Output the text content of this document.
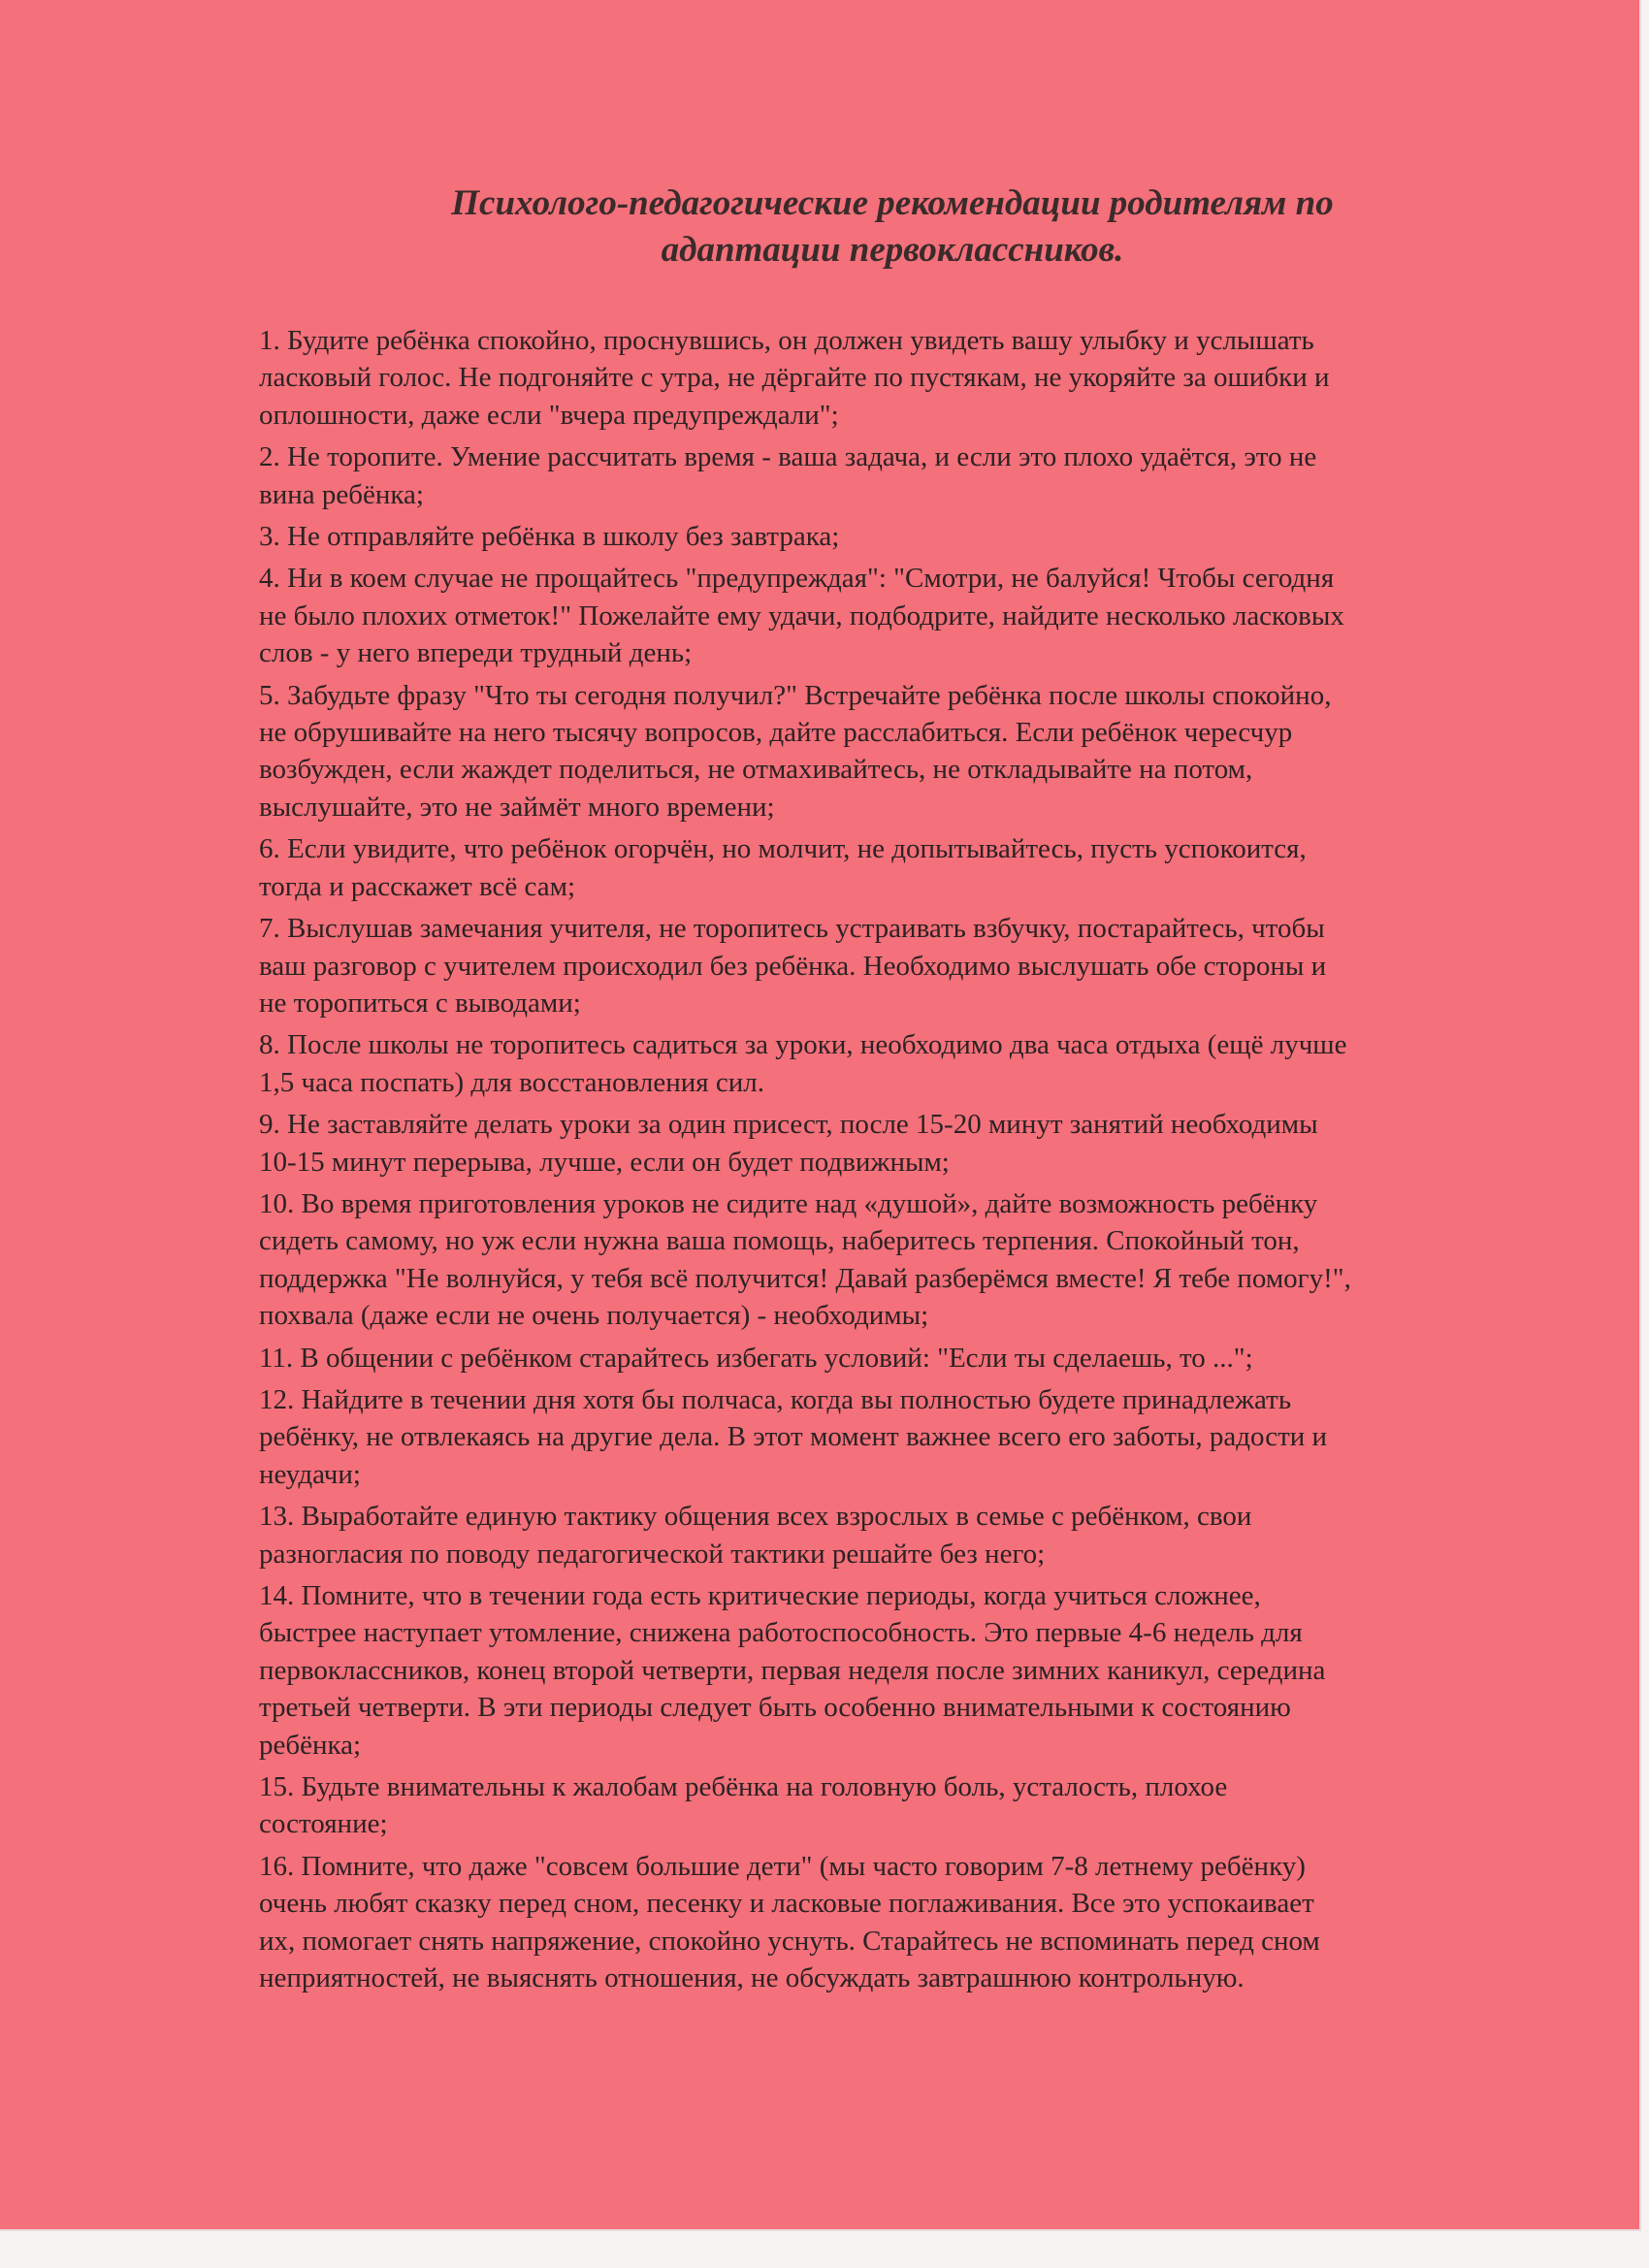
Психолого-педагогические рекомендации родителям по
адаптации первоклассников.
1. Будите ребёнка спокойно, проснувшись, он должен увидеть вашу улыбку и услышать
ласковый голос. Не подгоняйте с утра, не дёргайте по пустякам, не укоряйте за ошибки и
оплошности, даже если "вчера предупреждали";
2. Не торопите. Умение рассчитать время - ваша задача, и если это плохо удаётся, это не
вина ребёнка;
3. Не отправляйте ребёнка в школу без завтрака;
4. Ни в коем случае не прощайтесь "предупреждая": "Смотри, не балуйся! Чтобы сегодня
не было плохих отметок!" Пожелайте ему удачи, подбодрите, найдите несколько ласковых
слов - у него впереди трудный день;
5. Забудьте фразу "Что ты сегодня получил?" Встречайте ребёнка после школы спокойно,
не обрушивайте на него тысячу вопросов, дайте расслабиться. Если ребёнок чересчур
возбужден, если жаждет поделиться, не отмахивайтесь, не откладывайте на потом,
выслушайте, это не займёт много времени;
6. Если увидите, что ребёнок огорчён, но молчит, не допытывайтесь, пусть успокоится,
тогда и расскажет всё сам;
7. Выслушав замечания учителя, не торопитесь устраивать взбучку, постарайтесь, чтобы
ваш разговор с учителем происходил без ребёнка. Необходимо выслушать обе стороны и
не торопиться с выводами;
8. После школы не торопитесь садиться за уроки, необходимо два часа отдыха (ещё лучше
1,5 часа поспать) для восстановления сил.
9. Не заставляйте делать уроки за один присест, после 15-20 минут занятий необходимы
10-15 минут перерыва, лучше, если он будет подвижным;
10. Во время приготовления уроков не сидите над «душой», дайте возможность ребёнку
сидеть самому, но уж если нужна ваша помощь, наберитесь терпения. Спокойный тон,
поддержка "Не волнуйся, у тебя всё получится! Давай разберёмся вместе! Я тебе помогу!",
похвала (даже если не очень получается) - необходимы;
11. В общении с ребёнком старайтесь избегать условий: "Если ты сделаешь, то ...";
12. Найдите в течении дня хотя бы полчаса, когда вы полностью будете принадлежать
ребёнку, не отвлекаясь на другие дела. В этот момент важнее всего его заботы, радости и
неудачи;
13. Выработайте единую тактику общения всех взрослых в семье с ребёнком, свои
разногласия по поводу педагогической тактики решайте без него;
14. Помните, что в течении года есть критические периоды, когда учиться сложнее,
быстрее наступает утомление, снижена работоспособность. Это первые 4-6 недель для
первоклассников, конец второй четверти, первая неделя после зимних каникул, середина
третьей четверти. В эти периоды следует быть особенно внимательными к состоянию
ребёнка;
15. Будьте внимательны к жалобам ребёнка на головную боль, усталость, плохое
состояние;
16. Помните, что даже "совсем большие дети" (мы часто говорим 7-8 летнему ребёнку)
очень любят сказку перед сном, песенку и ласковые поглаживания. Все это успокаивает
их, помогает снять напряжение, спокойно уснуть. Старайтесь не вспоминать перед сном
неприятностей, не выяснять отношения, не обсуждать завтрашнюю контрольную.
